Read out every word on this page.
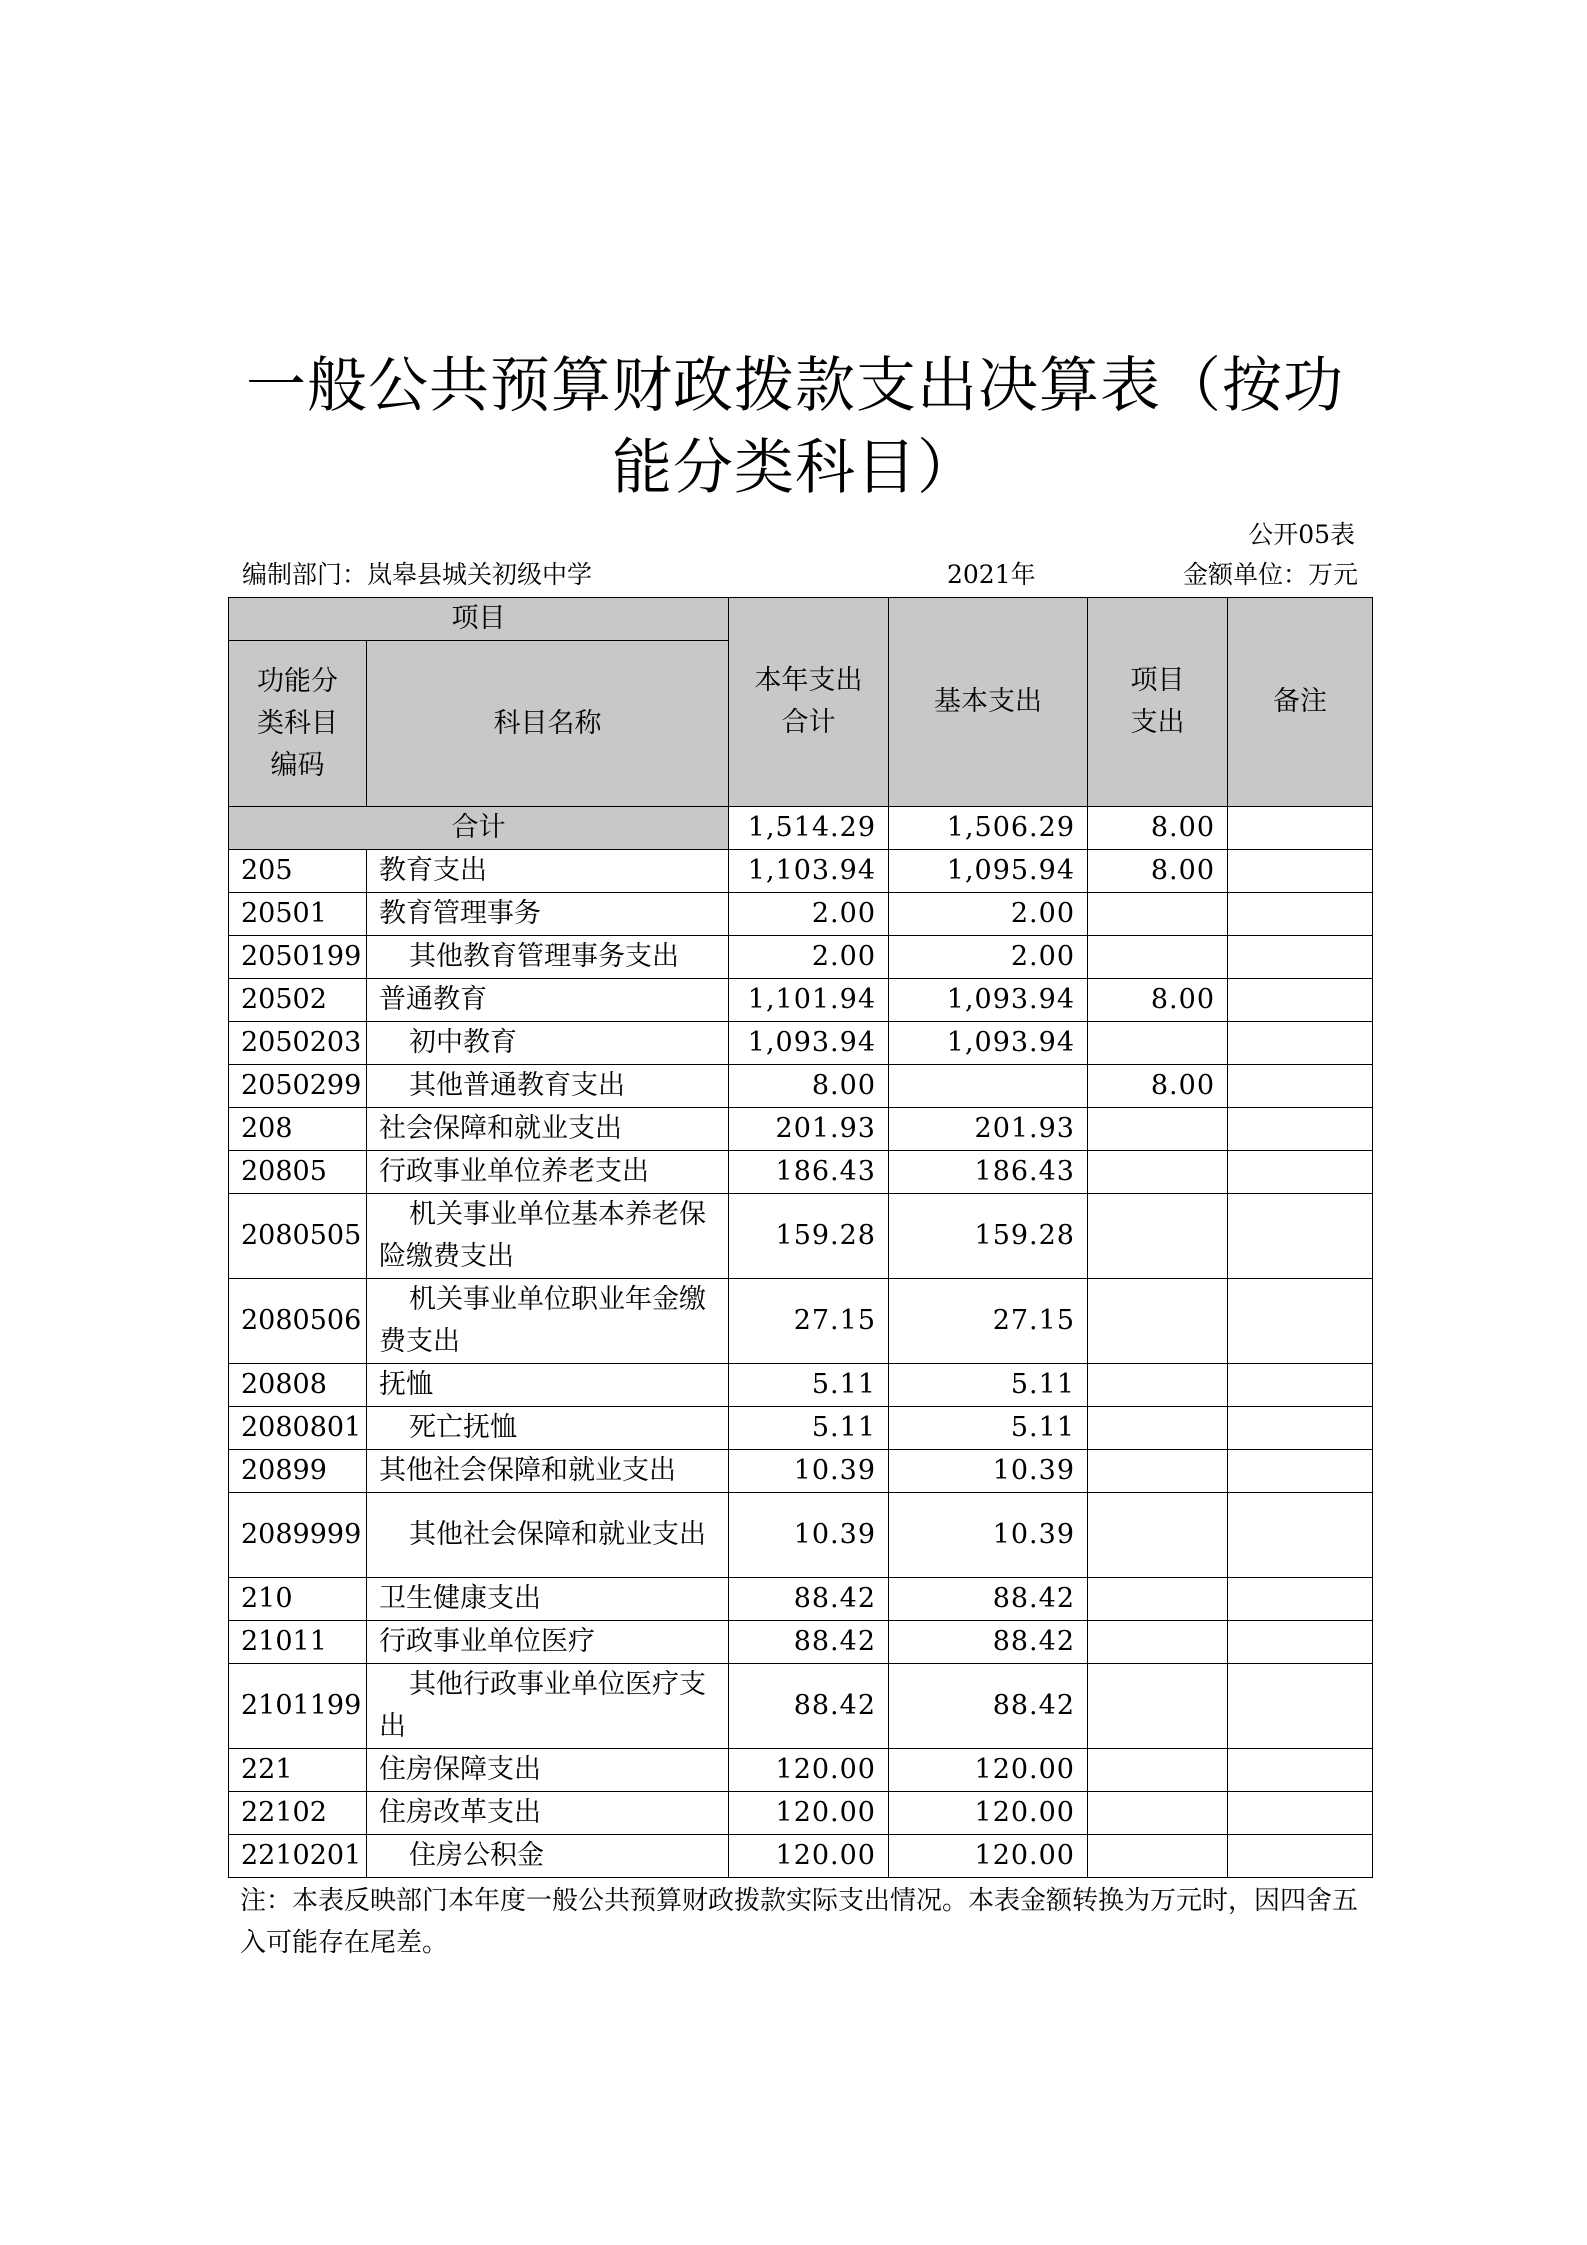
一般公共预算财政拨款支出决算表（按功能分类科目）
公开05表
编制部门：岚皋县城关初级中学	2021年	金额单位：万元
项目		本年支出合计	基本支出	项目支出	备注
功能分类科目编码	科目名称				
合计		1,514.29	1,506.29	8.00	
205	教育支出	1,103.94	1,095.94	8.00	
20501	教育管理事务	2.00	2.00		
2050199	其他教育管理事务支出	2.00	2.00		
20502	普通教育	1,101.94	1,093.94	8.00	
2050203	初中教育	1,093.94	1,093.94		
2050299	其他普通教育支出	8.00		8.00	
208	社会保障和就业支出	201.93	201.93		
20805	行政事业单位养老支出	186.43	186.43		
2080505	机关事业单位基本养老保险缴费支出	159.28	159.28		
2080506	机关事业单位职业年金缴费支出	27.15	27.15		
20808	抚恤	5.11	5.11		
2080801	死亡抚恤	5.11	5.11		
20899	其他社会保障和就业支出	10.39	10.39		
2089999	其他社会保障和就业支出	10.39	10.39		
210	卫生健康支出	88.42	88.42		
21011	行政事业单位医疗	88.42	88.42		
2101199	其他行政事业单位医疗支出	88.42	88.42		
221	住房保障支出	120.00	120.00		
22102	住房改革支出	120.00	120.00		
2210201	住房公积金	120.00	120.00		

注：本表反映部门本年度一般公共预算财政拨款实际支出情况。本表金额转换为万元时，因四舍五入可能存在尾差。
